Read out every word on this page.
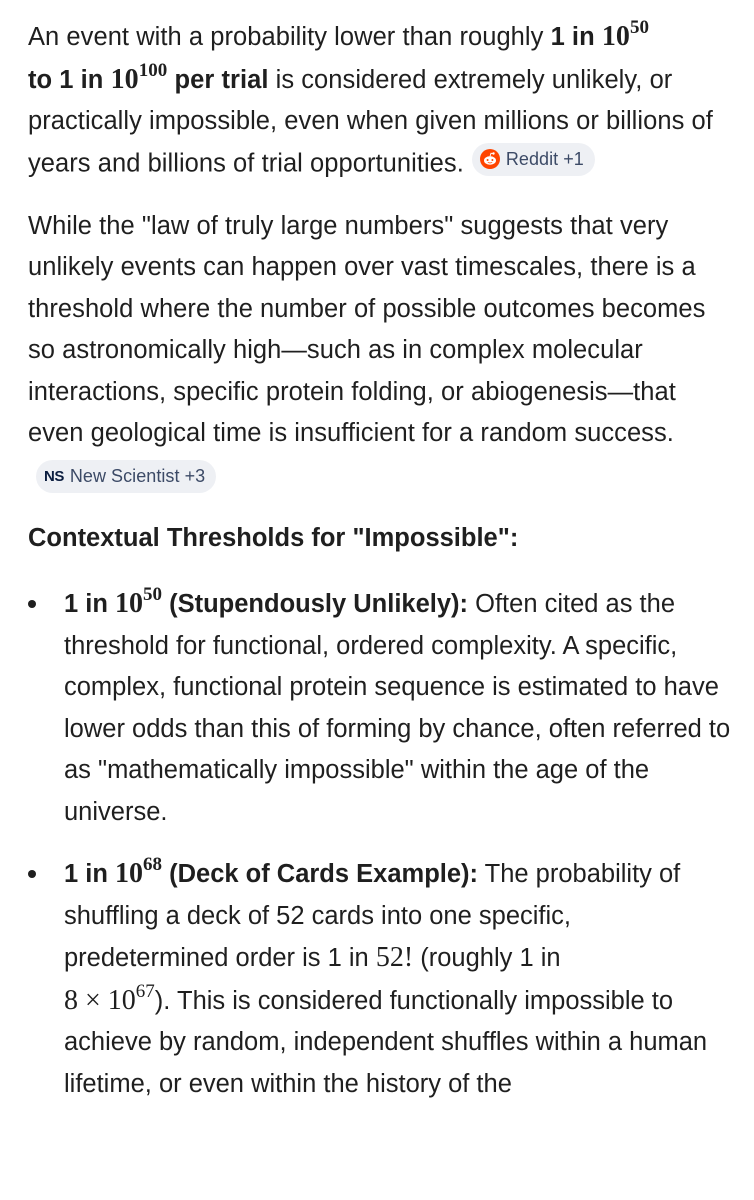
An event with a probability lower than roughly 1 in $10^{50}$
to 1 in $10^{100}$ per trial is considered extremely unlikely, or practically impossible, even when given millions or billions of years and billions of trial opportunities. Reddit +1

While the "law of truly large numbers" suggests that very unlikely events can happen over vast timescales, there is a threshold where the number of possible outcomes becomes so astronomically high—such as in complex molecular interactions, specific protein folding, or abiogenesis—that even geological time is insufficient for a random success.
NS New Scientist +3

Contextual Thresholds for "Impossible":
1 in $10^{50}$ (Stupendously Unlikely): Often cited as the threshold for functional, ordered complexity. A specific, complex, functional protein sequence is estimated to have lower odds than this of forming by chance, often referred to as "mathematically impossible" within the age of the universe.
1 in $10^{68}$ (Deck of Cards Example): The probability of shuffling a deck of 52 cards into one specific, predetermined order is 1 in 52! (roughly 1 in
$8 \times 10^{67}$). This is considered functionally impossible to achieve by random, independent shuffles within a human lifetime, or even within the history of the
